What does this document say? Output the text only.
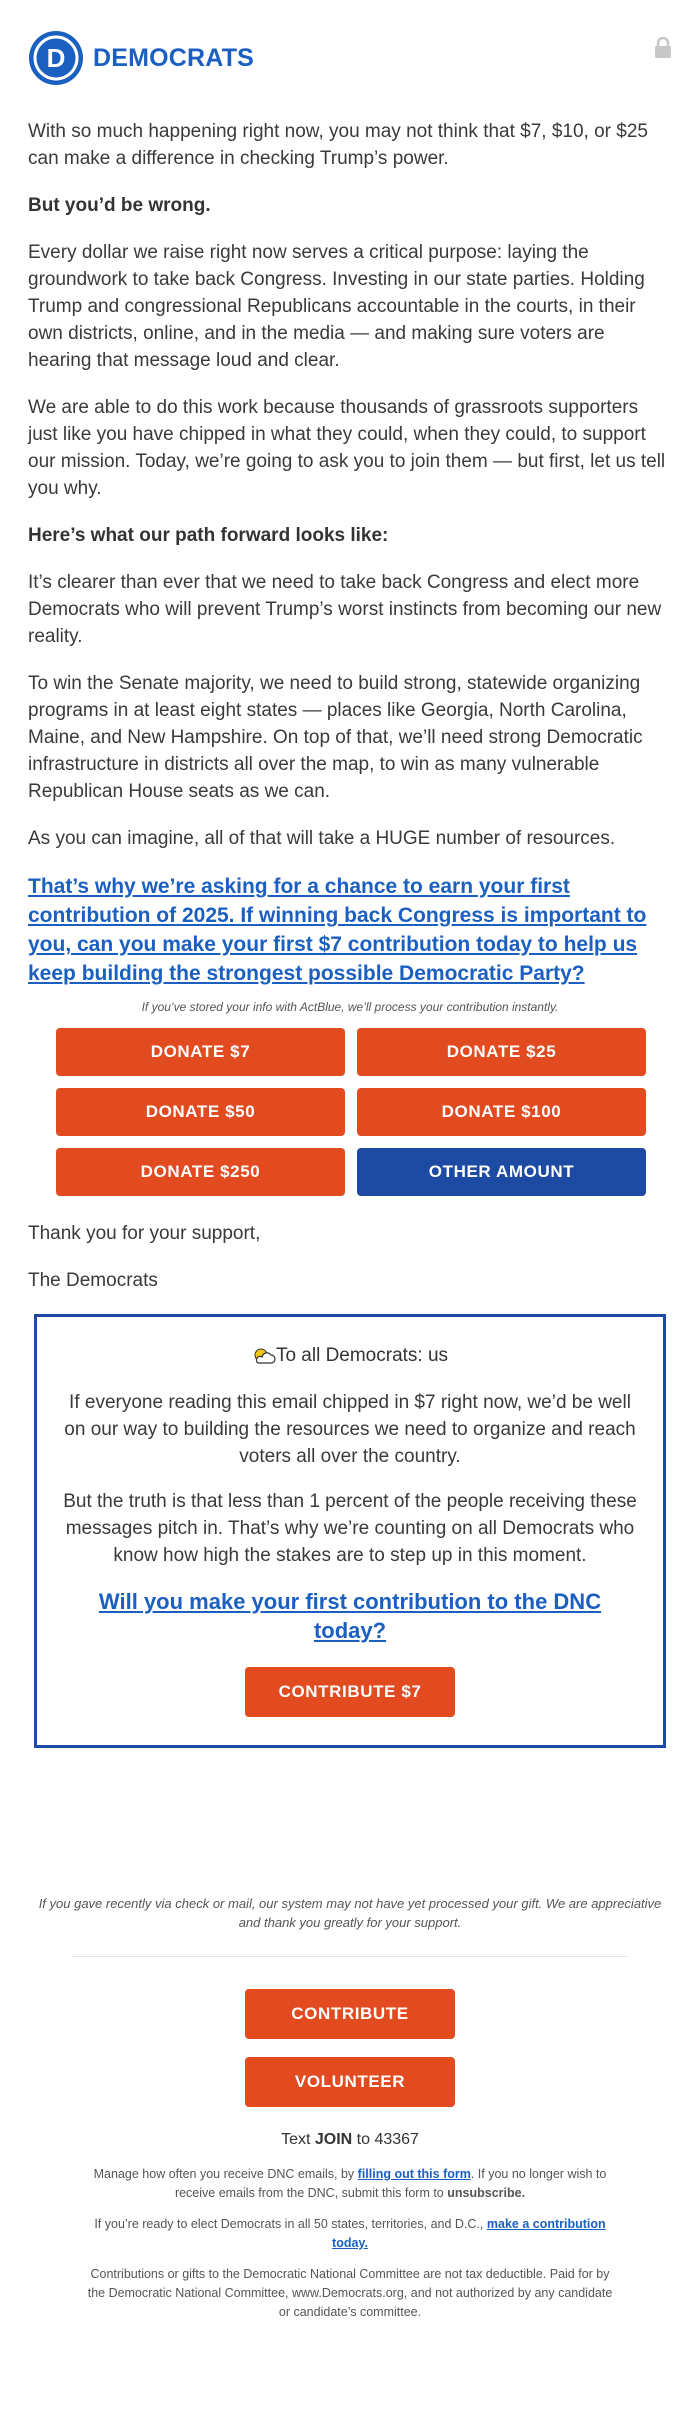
D DEMOCRATS

With so much happening right now, you may not think that $7, $10, or $25 can make a difference in checking Trump’s power.

But you’d be wrong.

Every dollar we raise right now serves a critical purpose: laying the groundwork to take back Congress. Investing in our state parties. Holding Trump and congressional Republicans accountable in the courts, in their own districts, online, and in the media — and making sure voters are hearing that message loud and clear.

We are able to do this work because thousands of grassroots supporters just like you have chipped in what they could, when they could, to support our mission. Today, we’re going to ask you to join them — but first, let us tell you why.

Here’s what our path forward looks like:

It’s clearer than ever that we need to take back Congress and elect more Democrats who will prevent Trump’s worst instincts from becoming our new reality.

To win the Senate majority, we need to build strong, statewide organizing programs in at least eight states — places like Georgia, North Carolina, Maine, and New Hampshire. On top of that, we’ll need strong Democratic infrastructure in districts all over the map, to win as many vulnerable Republican House seats as we can.

As you can imagine, all of that will take a HUGE number of resources.

That’s why we’re asking for a chance to earn your first contribution of 2025. If winning back Congress is important to you, can you make your first $7 contribution today to help us keep building the strongest possible Democratic Party?
If you’ve stored your info with ActBlue, we’ll process your contribution instantly.
DONATE $7	DONATE $25
DONATE $50	DONATE $100
DONATE $250	OTHER AMOUNT

Thank you for your support,

The Democrats

To all Democrats: us

If everyone reading this email chipped in $7 right now, we’d be well on our way to building the resources we need to organize and reach voters all over the country.

But the truth is that less than 1 percent of the people receiving these messages pitch in. That’s why we’re counting on all Democrats who know how high the stakes are to step up in this moment.

Will you make your first contribution to the DNC today?
CONTRIBUTE $7
If you gave recently via check or mail, our system may not have yet processed your gift. We are appreciative and thank you greatly for your support.
CONTRIBUTE
VOLUNTEER
Text JOIN to 43367

Manage how often you receive DNC emails, by filling out this form. If you no longer wish to receive emails from the DNC, submit this form to unsubscribe.

If you’re ready to elect Democrats in all 50 states, territories, and D.C., make a contribution today.

Contributions or gifts to the Democratic National Committee are not tax deductible. Paid for by the Democratic National Committee, www.Democrats.org, and not authorized by any candidate or candidate’s committee.
